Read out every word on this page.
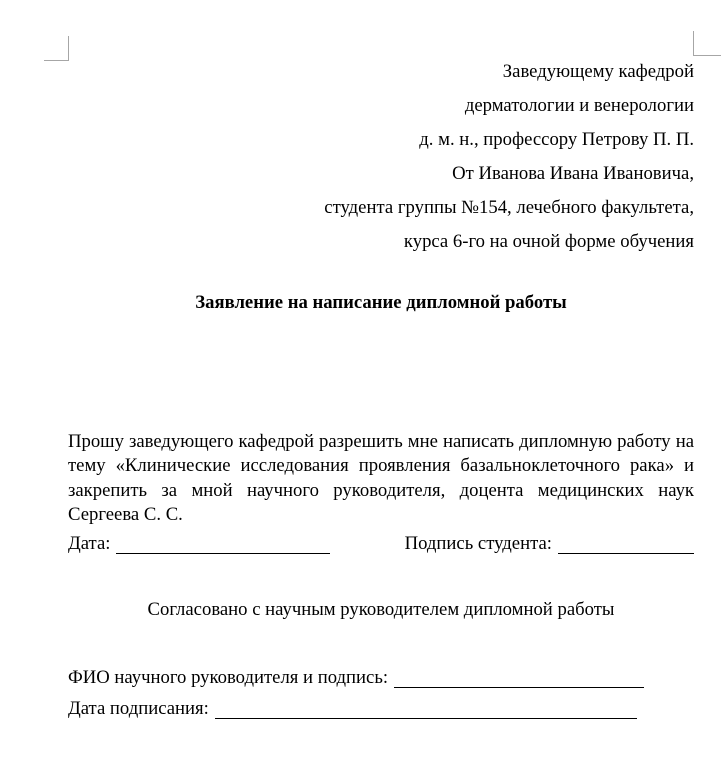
Заведующему кафедрой
дерматологии и венерологии
д. м. н., профессору Петрову П. П.
От Иванова Ивана Ивановича,
студента группы №154, лечебного факультета,
курса 6-го на очной форме обучения
Заявление на написание дипломной работы
Прошу заведующего кафедрой разрешить мне написать дипломную работу на
тему «Клинические исследования проявления базальноклеточного рака» и
закрепить за мной научного руководителя, доцента медицинских наук
Сергеева С. С.
Дата:	Подпись студента:
Согласовано с научным руководителем дипломной работы
ФИО научного руководителя и подпись:
Дата подписания:
